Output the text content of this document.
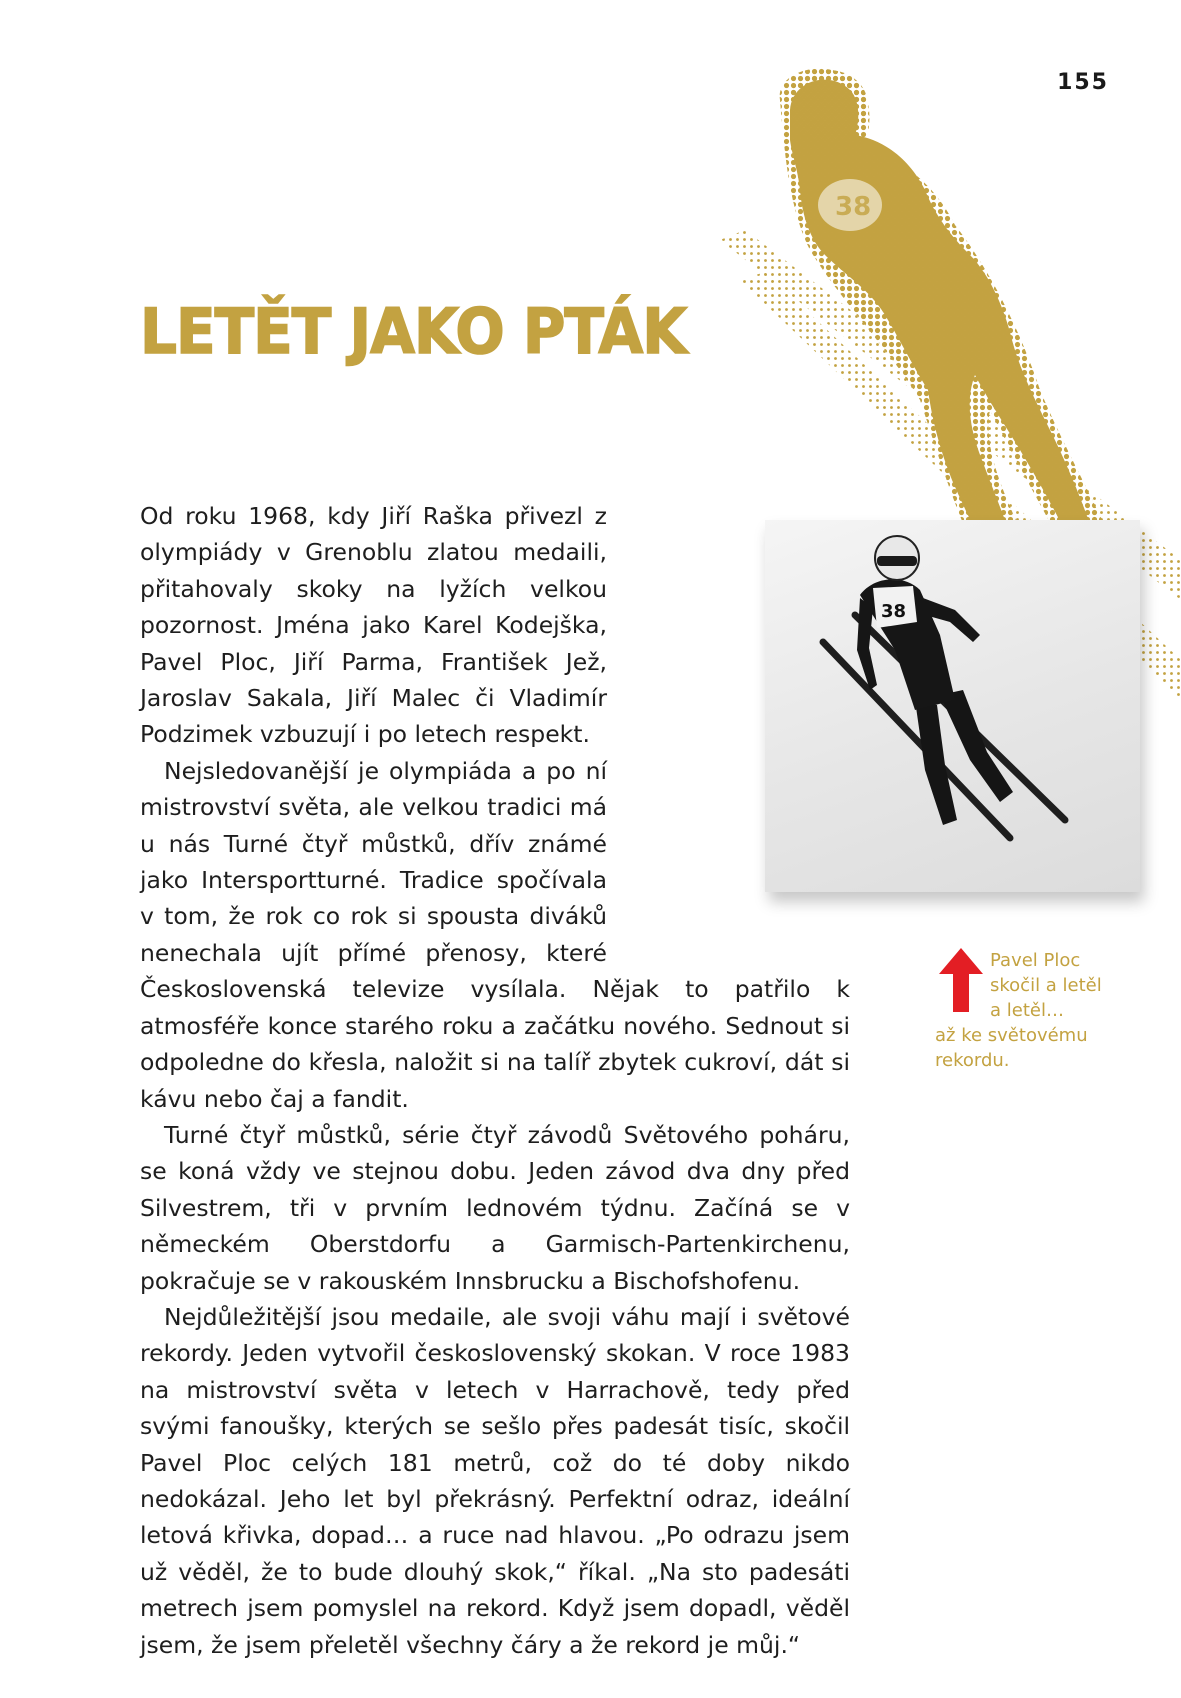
155
38
LETĚT JAKO PTÁK
38
Pavel Ploc
skočil a letěl
a letěl…
až ke světovému
rekordu.

Od roku 1968, kdy Jiří Raška přivezl z olympiády v Grenoblu zlatou medaili, přitahovaly skoky na lyžích velkou pozornost. Jména jako Karel Kodejška, Pavel Ploc, Jiří Parma, František Jež, Jaroslav Sakala, Jiří Malec či Vladimír Podzimek vzbuzují i po letech respekt.

Nejsledovanější je olympiáda a po ní mistrovství světa, ale velkou tradici má u nás Turné čtyř můstků, dřív známé jako Intersportturné. Tradice spočívala v tom, že rok co rok si spousta diváků nenechala ujít přímé přenosy, které Československá televize vysílala. Nějak to patřilo k atmosféře konce starého roku a začátku nového. Sednout si odpoledne do křesla, naložit si na talíř zbytek cukroví, dát si kávu nebo čaj a fandit.

Turné čtyř můstků, série čtyř závodů Světového poháru, se koná vždy ve stejnou dobu. Jeden závod dva dny před Silvestrem, tři v prvním lednovém týdnu. Začíná se v německém Oberstdorfu a Garmisch-Partenkirchenu, pokračuje se v rakouském Innsbrucku a Bischofshofenu.

Nejdůležitější jsou medaile, ale svoji váhu mají i světové rekordy. Jeden vytvořil československý skokan. V roce 1983 na mistrovství světa v letech v Harrachově, tedy před svými fanoušky, kterých se sešlo přes padesát tisíc, skočil Pavel Ploc celých 181 metrů, což do té doby nikdo nedokázal. Jeho let byl překrásný. Perfektní odraz, ideální letová křivka, dopad… a ruce nad hlavou. „Po odrazu jsem už věděl, že to bude dlouhý skok,“ říkal. „Na sto padesáti metrech jsem pomyslel na rekord. Když jsem dopadl, věděl jsem, že jsem přeletěl všechny čáry a že rekord je můj.“
